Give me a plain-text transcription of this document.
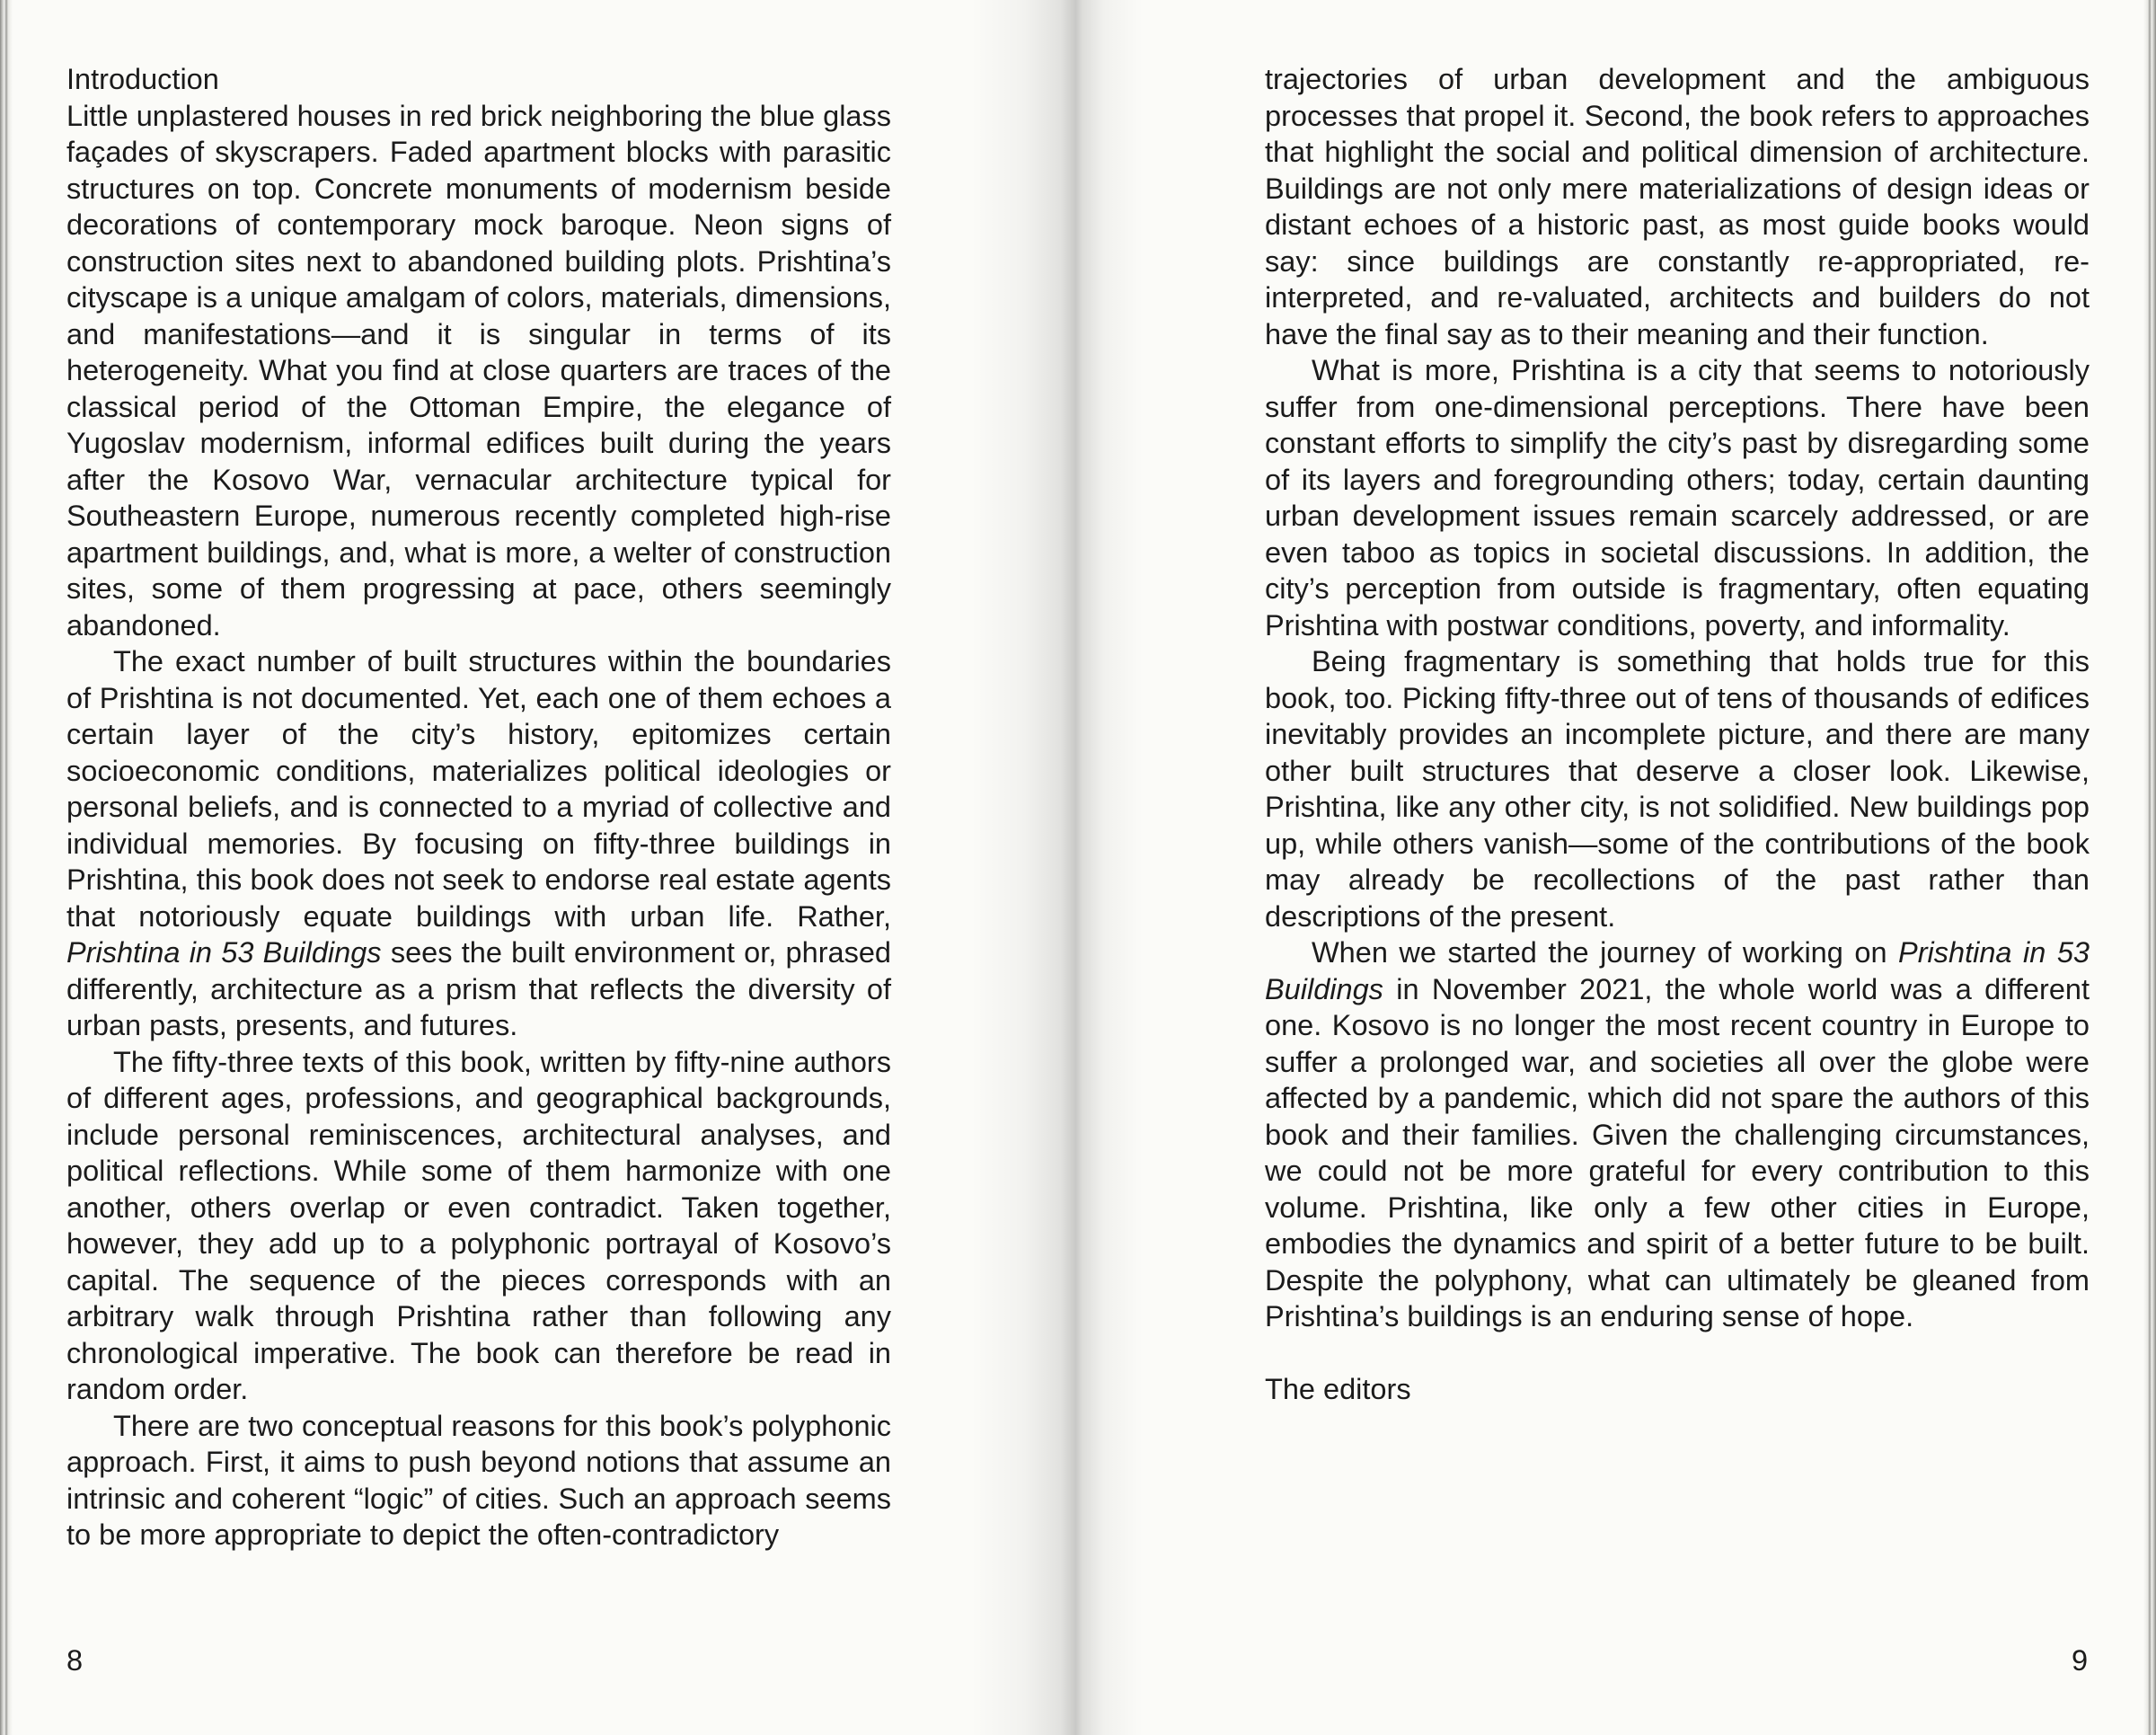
Introduction

Little unplastered houses in red brick neighboring the blue glass façades of skyscrapers. Faded apartment blocks with parasitic structures on top. Concrete monuments of modernism beside decorations of contemporary mock baroque. Neon signs of construction sites next to abandoned building plots. Prishtina’s cityscape is a unique amalgam of colors, materials, dimensions, and manifestations—and it is singular in terms of its heterogeneity. What you find at close quarters are traces of the classical period of the Ottoman Empire, the elegance of Yugoslav modernism, informal edifices built during the years after the Kosovo War, vernacular architecture typical for Southeastern Europe, numerous recently completed high-rise apartment buildings, and, what is more, a welter of construction sites, some of them progressing at pace, others seemingly abandoned.

The exact number of built structures within the boundaries of Prishtina is not documented. Yet, each one of them echoes a certain layer of the city’s history, epitomizes certain socioeconomic conditions, materializes political ideologies or personal beliefs, and is connected to a myriad of collective and individual memories. By focusing on fifty-three buildings in Prishtina, this book does not seek to endorse real estate agents that notoriously equate buildings with urban life. Rather, Prishtina in 53 Buildings sees the built environment or, phrased differently, architecture as a prism that reflects the diversity of urban pasts, presents, and futures.

The fifty-three texts of this book, written by fifty-nine authors of different ages, professions, and geographical backgrounds, include personal reminiscences, architectural analyses, and political reflections. While some of them harmonize with one another, others overlap or even contradict. Taken together, however, they add up to a polyphonic portrayal of Kosovo’s capital. The sequence of the pieces corresponds with an arbitrary walk through Prishtina rather than following any chronological imperative. The book can therefore be read in random order.

There are two conceptual reasons for this book’s polyphonic approach. First, it aims to push beyond notions that assume an intrinsic and coherent “logic” of cities. Such an approach seems to be more appropriate to depict the often-contradictory

8

trajectories of urban development and the ambiguous processes that propel it. Second, the book refers to approaches that highlight the social and political dimension of architecture. Buildings are not only mere materializations of design ideas or distant echoes of a historic past, as most guide books would say: since buildings are constantly re-appropriated, re-interpreted, and re-valuated, architects and builders do not have the final say as to their meaning and their function.

What is more, Prishtina is a city that seems to notoriously suffer from one-dimensional perceptions. There have been constant efforts to simplify the city’s past by disregarding some of its layers and foregrounding others; today, certain daunting urban development issues remain scarcely addressed, or are even taboo as topics in societal discussions. In addition, the city’s perception from outside is fragmentary, often equating Prishtina with postwar conditions, poverty, and informality.

Being fragmentary is something that holds true for this book, too. Picking fifty-three out of tens of thousands of edifices inevitably provides an incomplete picture, and there are many other built structures that deserve a closer look. Likewise, Prishtina, like any other city, is not solidified. New buildings pop up, while others vanish—some of the contributions of the book may already be recollections of the past rather than descriptions of the present.

When we started the journey of working on Prishtina in 53 Buildings in November 2021, the whole world was a different one. Kosovo is no longer the most recent country in Europe to suffer a prolonged war, and societies all over the globe were affected by a pandemic, which did not spare the authors of this book and their families. Given the challenging circumstances, we could not be more grateful for every contribution to this volume. Prishtina, like only a few other cities in Europe, embodies the dynamics and spirit of a better future to be built. Despite the polyphony, what can ultimately be gleaned from Prishtina’s buildings is an enduring sense of hope.

The editors

9
